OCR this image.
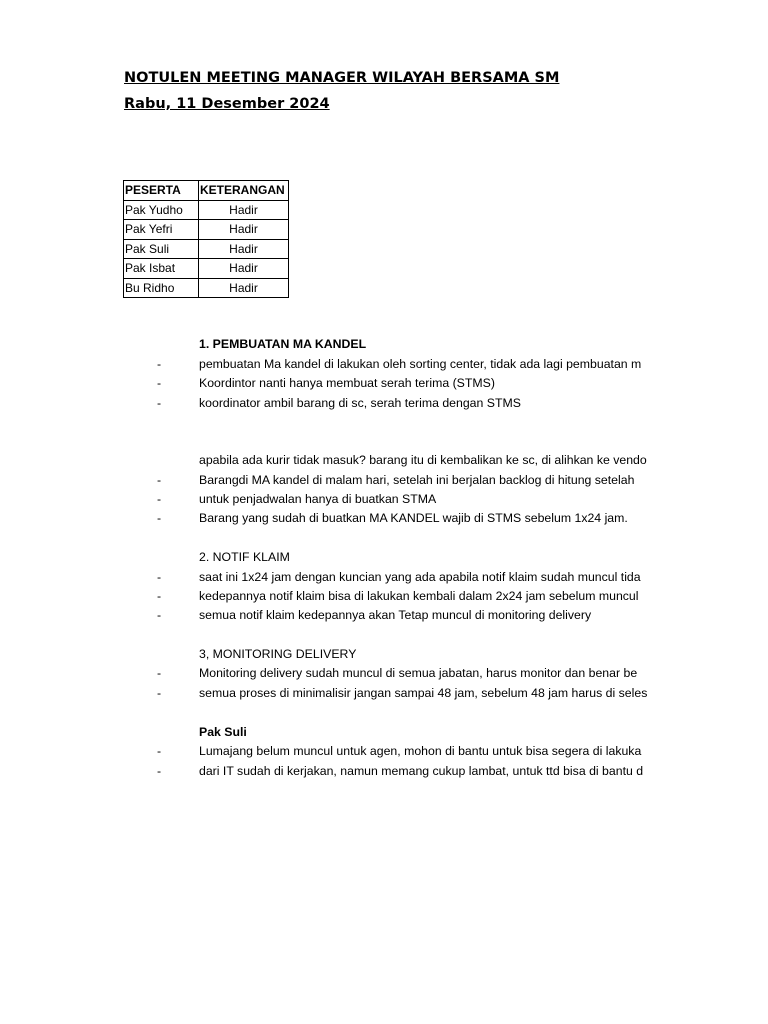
NOTULEN MEETING MANAGER WILAYAH BERSAMA SM
Rabu, 11 Desember 2024
PESERTA	KETERANGAN
Pak Yudho	Hadir
Pak Yefri	Hadir
Pak Suli	Hadir
Pak Isbat	Hadir
Bu Ridho	Hadir
1. PEMBUATAN MA KANDEL
-	pembuatan Ma kandel di lakukan oleh sorting center, tidak ada lagi pembuatan m
-	Koordintor nanti hanya membuat serah terima (STMS)
-	koordinator ambil barang di sc, serah terima dengan STMS
apabila ada kurir tidak masuk? barang itu di kembalikan ke sc, di alihkan ke vendo
-	Barangdi MA kandel di malam hari, setelah ini berjalan backlog di hitung setelah
-	untuk penjadwalan hanya di buatkan STMA
-	Barang yang sudah di buatkan MA KANDEL wajib di STMS sebelum 1x24 jam.
2. NOTIF KLAIM
-	saat ini 1x24 jam dengan kuncian yang ada apabila notif klaim sudah muncul tida
-	kedepannya notif klaim bisa di lakukan kembali dalam 2x24 jam sebelum muncul
-	semua notif klaim kedepannya akan Tetap muncul di monitoring delivery
3, MONITORING DELIVERY
-	Monitoring delivery sudah muncul di semua jabatan, harus monitor dan benar be
-	semua proses di minimalisir jangan sampai 48 jam, sebelum 48 jam harus di seles
Pak Suli
-	Lumajang belum muncul untuk agen, mohon di bantu untuk bisa segera di lakuka
-	dari IT sudah di kerjakan, namun memang cukup lambat, untuk ttd bisa di bantu d
